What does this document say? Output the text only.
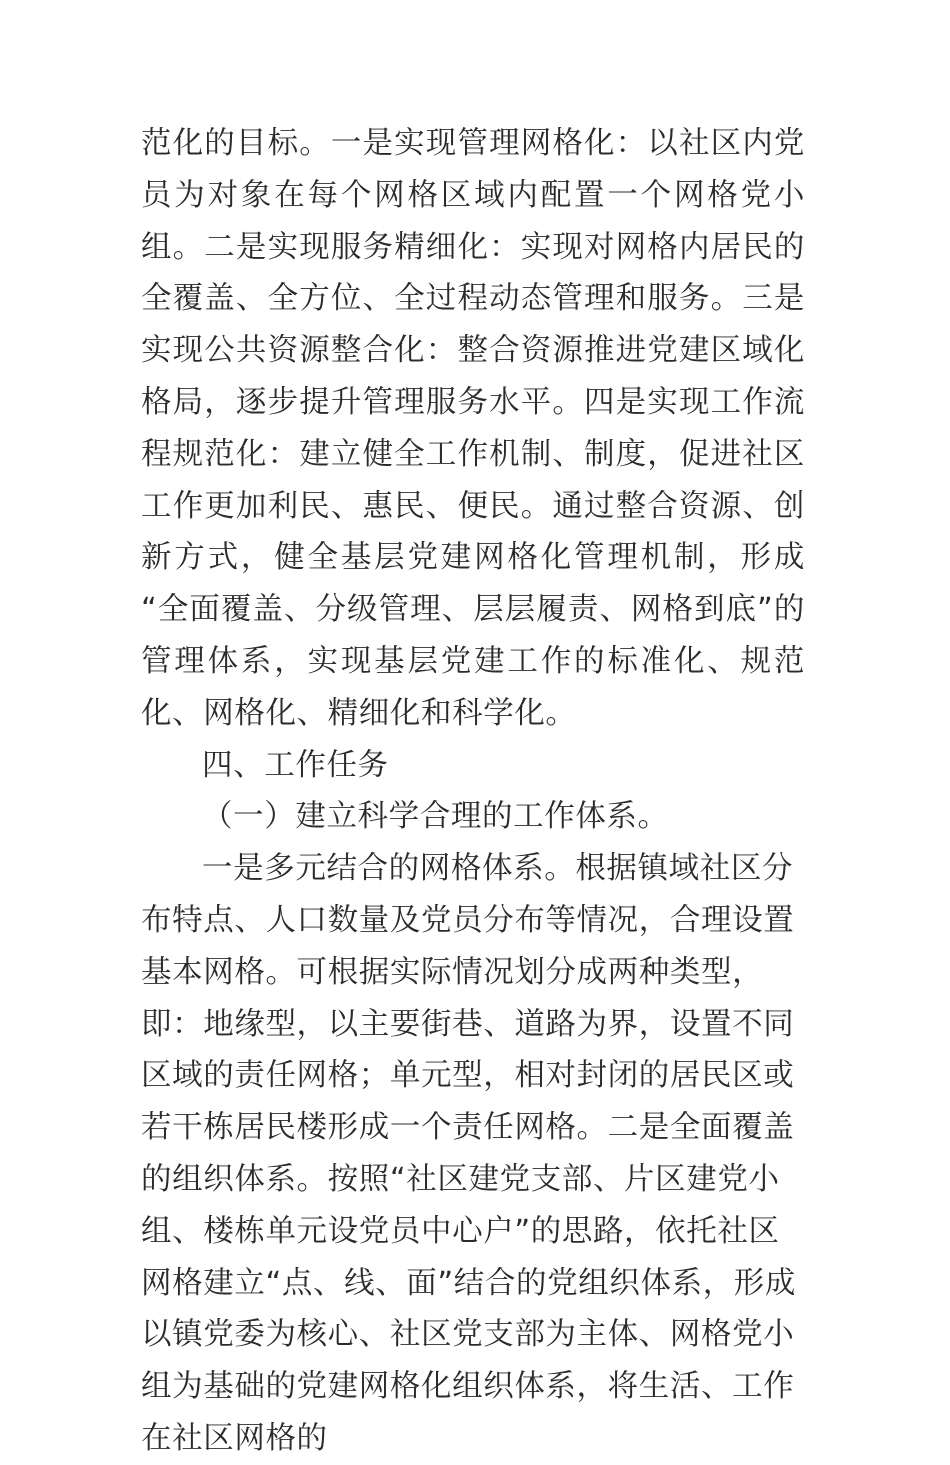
范化的目标。一是实现管理网格化：以社区内党员为对象在每个网格区域内配置一个网格党小组。二是实现服务精细化：实现对网格内居民的全覆盖、全方位、全过程动态管理和服务。三是实现公共资源整合化：整合资源推进党建区域化格局，逐步提升管理服务水平。四是实现工作流程规范化：建立健全工作机制、制度，促进社区工作更加利民、惠民、便民。通过整合资源、创新方式，健全基层党建网格化管理机制，形成“全面覆盖、分级管理、层层履责、网格到底”的管理体系，实现基层党建工作的标准化、规范化、网格化、精细化和科学化。

四、工作任务

（一）建立科学合理的工作体系。

一是多元结合的网格体系。根据镇域社区分布特点、人口数量及党员分布等情况，合理设置基本网格。可根据实际情况划分成两种类型，即：地缘型，以主要街巷、道路为界，设置不同区域的责任网格；单元型，相对封闭的居民区或若干栋居民楼形成一个责任网格。二是全面覆盖的组织体系。按照“社区建党支部、片区建党小组、楼栋单元设党员中心户”的思路，依托社区网格建立“点、线、面”结合的党组织体系，形成以镇党委为核心、社区党支部为主体、网格党小组为基础的党建网格化组织体系，将生活、工作在社区网格的
